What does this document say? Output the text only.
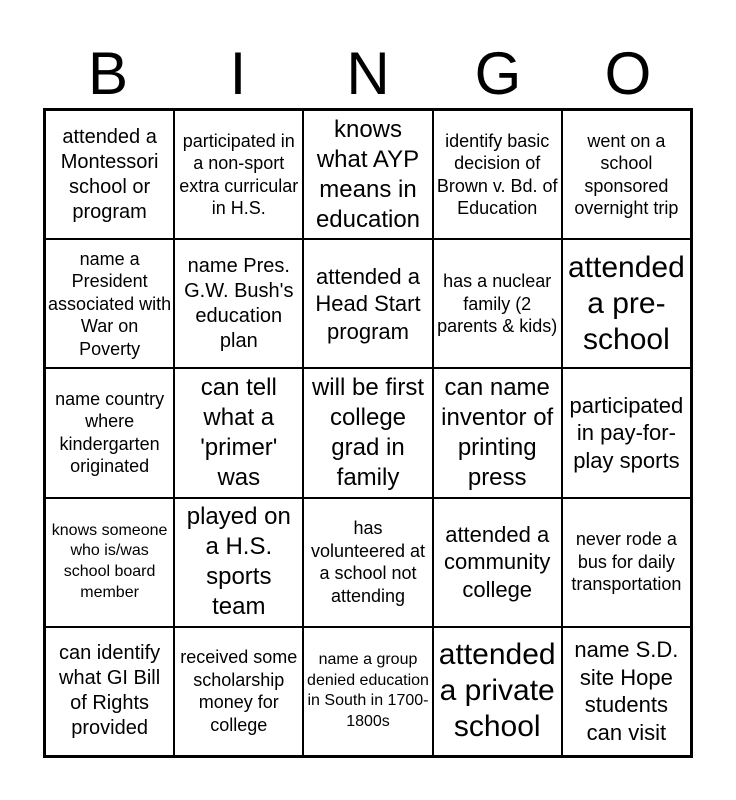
B	I	N	G	O
attended a Montessori school or program
participated in a non-sport extra curricular in H.S.
knows what AYP means in education
identify basic decision of Brown v. Bd. of Education
went on a school sponsored overnight trip
name a President associated with War on Poverty
name Pres. G.W. Bush's education plan
attended a Head Start program
has a nuclear family (2 parents & kids)
attended a pre-school
name country where kindergarten originated
can tell what a 'primer' was
will be first college grad in family
can name inventor of printing press
participated in pay-for-play sports
knows someone who is/was school board member
played on a H.S. sports team
has volunteered at a school not attending
attended a community college
never rode a bus for daily transportation
can identify what GI Bill of Rights provided
received some scholarship money for college
name a group denied education in South in 1700-1800s
attended a private school
name S.D. site Hope students can visit
